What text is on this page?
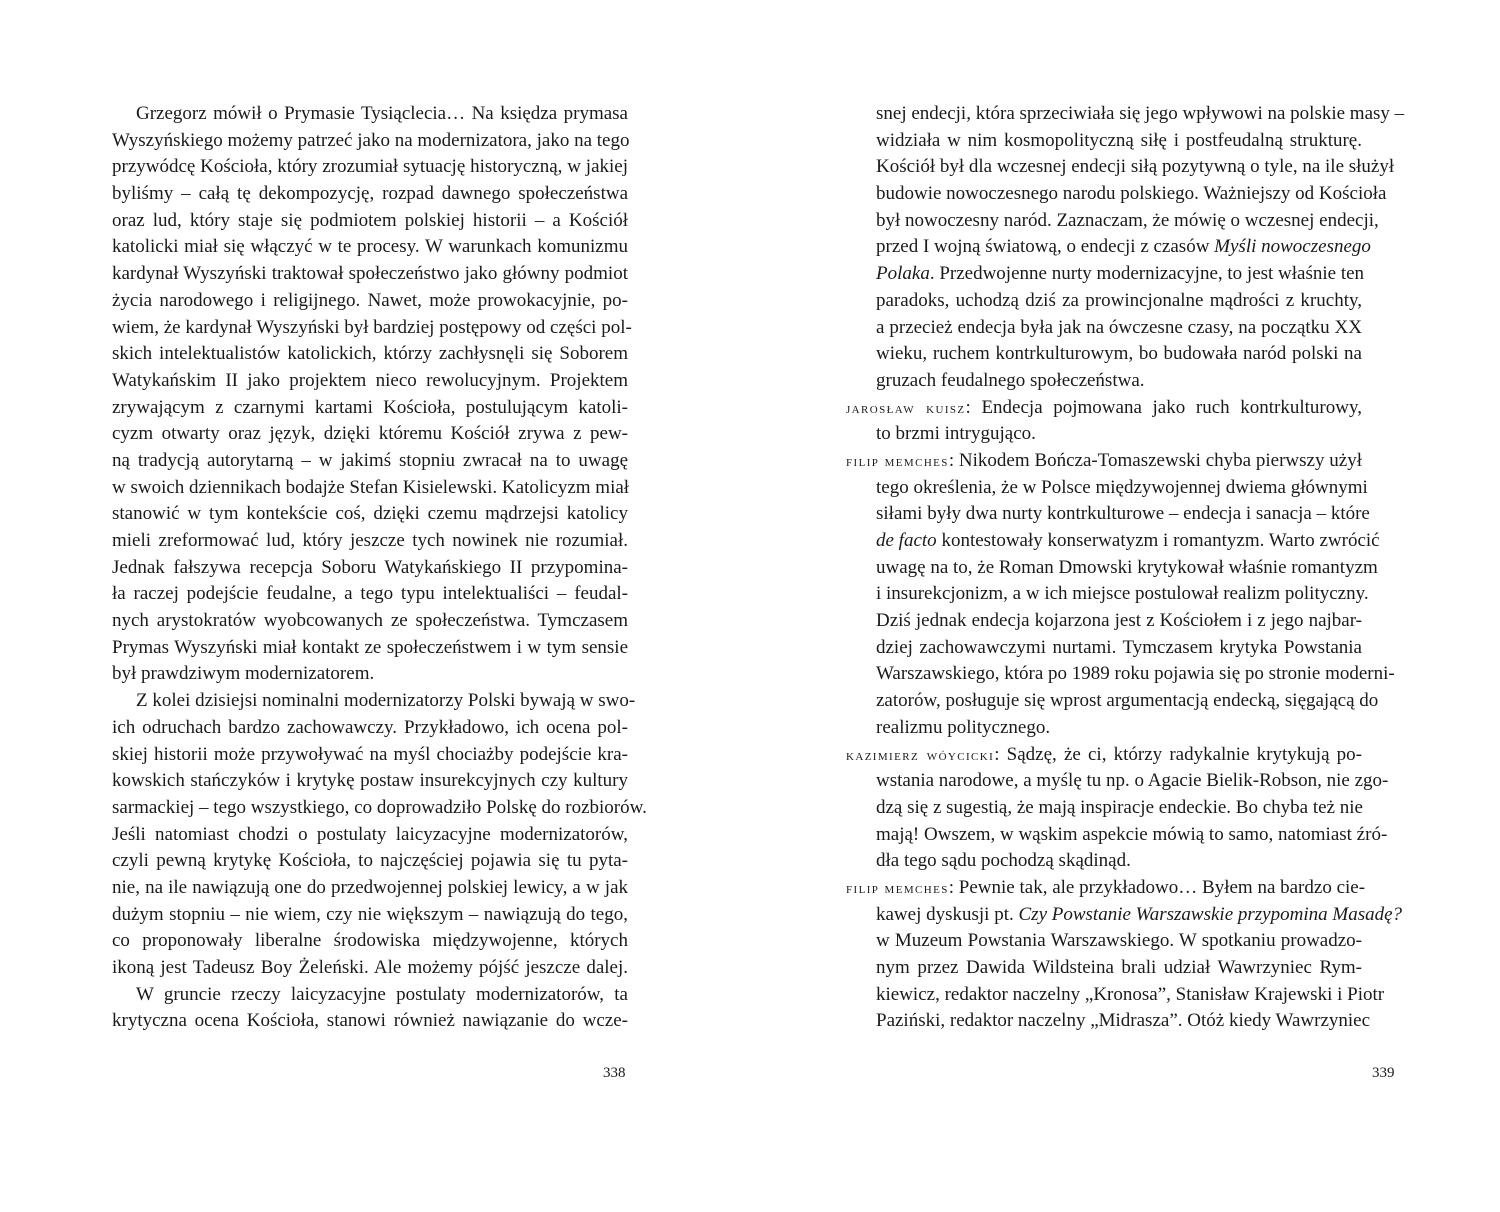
Grzegorz mówił o Prymasie Tysiąclecia… Na księdza prymasa
Wyszyńskiego możemy patrzeć jako na modernizatora, jako na tego
przywódcę Kościoła, który zrozumiał sytuację historyczną, w jakiej
byliśmy – całą tę dekompozycję, rozpad dawnego społeczeństwa
oraz lud, który staje się podmiotem polskiej historii – a Kościół
katolicki miał się włączyć w te procesy. W warunkach komunizmu
kardynał Wyszyński traktował społeczeństwo jako główny podmiot
życia narodowego i religijnego. Nawet, może prowokacyjnie, po-
wiem, że kardynał Wyszyński był bardziej postępowy od części pol-
skich intelektualistów katolickich, którzy zachłysnęli się Soborem
Watykańskim II jako projektem nieco rewolucyjnym. Projektem
zrywającym z czarnymi kartami Kościoła, postulującym katoli-
cyzm otwarty oraz język, dzięki któremu Kościół zrywa z pew-
ną tradycją autorytarną – w jakimś stopniu zwracał na to uwagę
w swoich dziennikach bodajże Stefan Kisielewski. Katolicyzm miał
stanowić w tym kontekście coś, dzięki czemu mądrzejsi katolicy
mieli zreformować lud, który jeszcze tych nowinek nie rozumiał.
Jednak fałszywa recepcja Soboru Watykańskiego II przypomina-
ła raczej podejście feudalne, a tego typu intelektualiści – feudal-
nych arystokratów wyobcowanych ze społeczeństwa. Tymczasem
Prymas Wyszyński miał kontakt ze społeczeństwem i w tym sensie
był prawdziwym modernizatorem.
Z kolei dzisiejsi nominalni modernizatorzy Polski bywają w swo-
ich odruchach bardzo zachowawczy. Przykładowo, ich ocena pol-
skiej historii może przywoływać na myśl chociażby podejście kra-
kowskich stańczyków i krytykę postaw insurekcyjnych czy kultury
sarmackiej – tego wszystkiego, co doprowadziło Polskę do rozbiorów.
Jeśli natomiast chodzi o postulaty laicyzacyjne modernizatorów,
czyli pewną krytykę Kościoła, to najczęściej pojawia się tu pyta-
nie, na ile nawiązują one do przedwojennej polskiej lewicy, a w jak
dużym stopniu – nie wiem, czy nie większym – nawiązują do tego,
co proponowały liberalne środowiska międzywojenne, których
ikoną jest Tadeusz Boy Żeleński. Ale możemy pójść jeszcze dalej.
W gruncie rzeczy laicyzacyjne postulaty modernizatorów, ta
krytyczna ocena Kościoła, stanowi również nawiązanie do wcze-
338
snej endecji, która sprzeciwiała się jego wpływowi na polskie masy –
widziała w nim kosmopolityczną siłę i postfeudalną strukturę.
Kościół był dla wczesnej endecji siłą pozytywną o tyle, na ile służył
budowie nowoczesnego narodu polskiego. Ważniejszy od Kościoła
był nowoczesny naród. Zaznaczam, że mówię o wczesnej endecji,
przed I wojną światową, o endecji z czasów Myśli nowoczesnego
Polaka. Przedwojenne nurty modernizacyjne, to jest właśnie ten
paradoks, uchodzą dziś za prowincjonalne mądrości z kruchty,
a przecież endecja była jak na ówczesne czasy, na początku XX
wieku, ruchem kontrkulturowym, bo budowała naród polski na
gruzach feudalnego społeczeństwa.
jarosław kuisz: Endecja pojmowana jako ruch kontrkulturowy,
to brzmi intrygująco.
filip memches: Nikodem Bończa-Tomaszewski chyba pierwszy użył
tego określenia, że w Polsce międzywojennej dwiema głównymi
siłami były dwa nurty kontrkulturowe – endecja i sanacja – które
de facto kontestowały konserwatyzm i romantyzm. Warto zwrócić
uwagę na to, że Roman Dmowski krytykował właśnie romantyzm
i insurekcjonizm, a w ich miejsce postulował realizm polityczny.
Dziś jednak endecja kojarzona jest z Kościołem i z jego najbar-
dziej zachowawczymi nurtami. Tymczasem krytyka Powstania
Warszawskiego, która po 1989 roku pojawia się po stronie moderni-
zatorów, posługuje się wprost argumentacją endecką, sięgającą do
realizmu politycznego.
kazimierz wóycicki: Sądzę, że ci, którzy radykalnie krytykują po-
wstania narodowe, a myślę tu np. o Agacie Bielik-Robson, nie zgo-
dzą się z sugestią, że mają inspiracje endeckie. Bo chyba też nie
mają! Owszem, w wąskim aspekcie mówią to samo, natomiast źró-
dła tego sądu pochodzą skądinąd.
filip memches: Pewnie tak, ale przykładowo… Byłem na bardzo cie-
kawej dyskusji pt. Czy Powstanie Warszawskie przypomina Masadę?
w Muzeum Powstania Warszawskiego. W spotkaniu prowadzo-
nym przez Dawida Wildsteina brali udział Wawrzyniec Rym-
kiewicz, redaktor naczelny „Kronosa”, Stanisław Krajewski i Piotr
Paziński, redaktor naczelny „Midrasza”. Otóż kiedy Wawrzyniec
339
